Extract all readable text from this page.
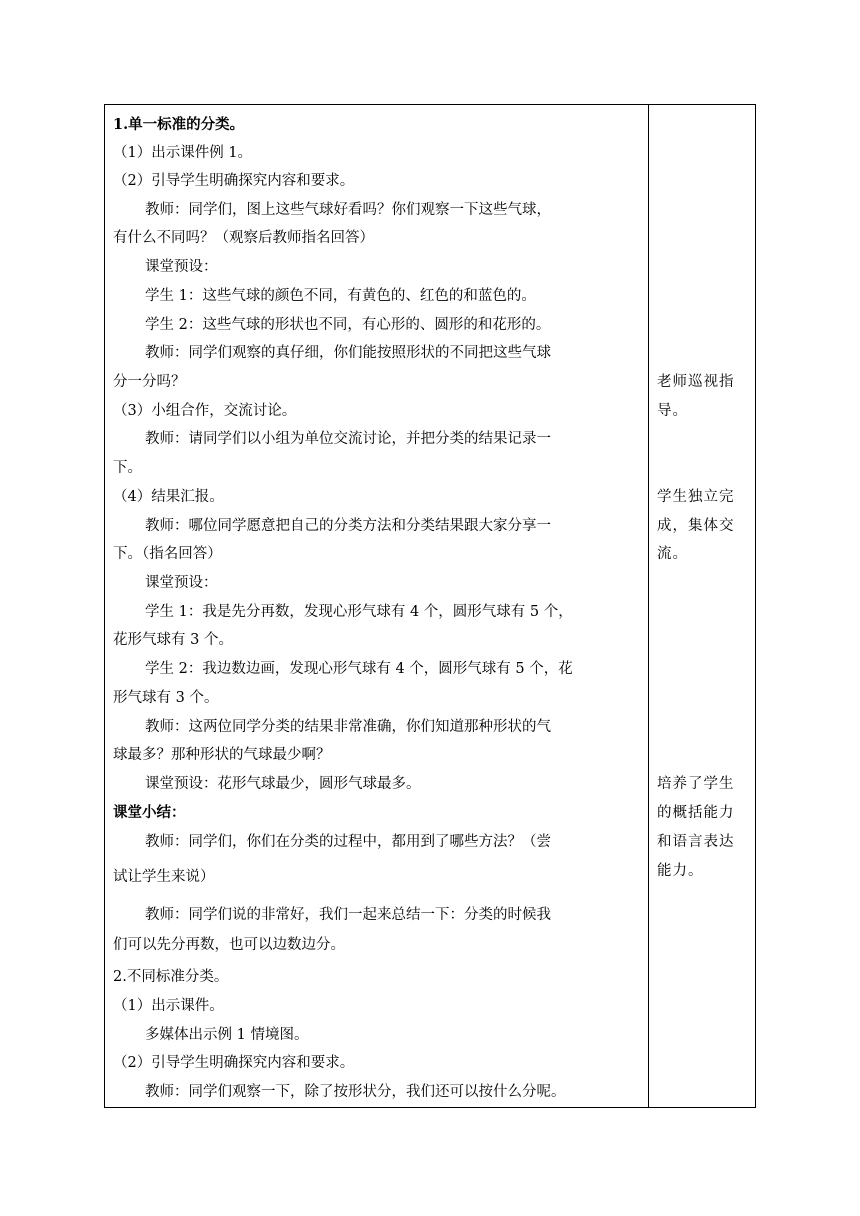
1.单一标准的分类。
（1）出示课件例 1。
（2）引导学生明确探究内容和要求。
教师：同学们，图上这些气球好看吗？你们观察一下这些气球，
有什么不同吗？（观察后教师指名回答）
课堂预设：
学生 1：这些气球的颜色不同，有黄色的、红色的和蓝色的。
学生 2：这些气球的形状也不同，有心形的、圆形的和花形的。
教师：同学们观察的真仔细，你们能按照形状的不同把这些气球
分一分吗？
（3）小组合作，交流讨论。
教师：请同学们以小组为单位交流讨论，并把分类的结果记录一
下。
（4）结果汇报。
教师：哪位同学愿意把自己的分类方法和分类结果跟大家分享一
下。（指名回答）
课堂预设：
学生 1：我是先分再数，发现心形气球有 4 个，圆形气球有 5 个，
花形气球有 3 个。
学生 2：我边数边画，发现心形气球有 4 个，圆形气球有 5 个，花
形气球有 3 个。
教师：这两位同学分类的结果非常准确，你们知道那种形状的气
球最多？那种形状的气球最少啊？
课堂预设：花形气球最少，圆形气球最多。
课堂小结：
教师：同学们，你们在分类的过程中，都用到了哪些方法？（尝
试让学生来说）
教师：同学们说的非常好，我们一起来总结一下：分类的时候我
们可以先分再数，也可以边数边分。
2.不同标准分类。
（1）出示课件。
多媒体出示例 1 情境图。
（2）引导学生明确探究内容和要求。
教师：同学们观察一下，除了按形状分，我们还可以按什么分呢。
老师巡视指
导。
学生独立完
成，集体交
流。
培养了学生
的概括能力
和语言表达
能力。
